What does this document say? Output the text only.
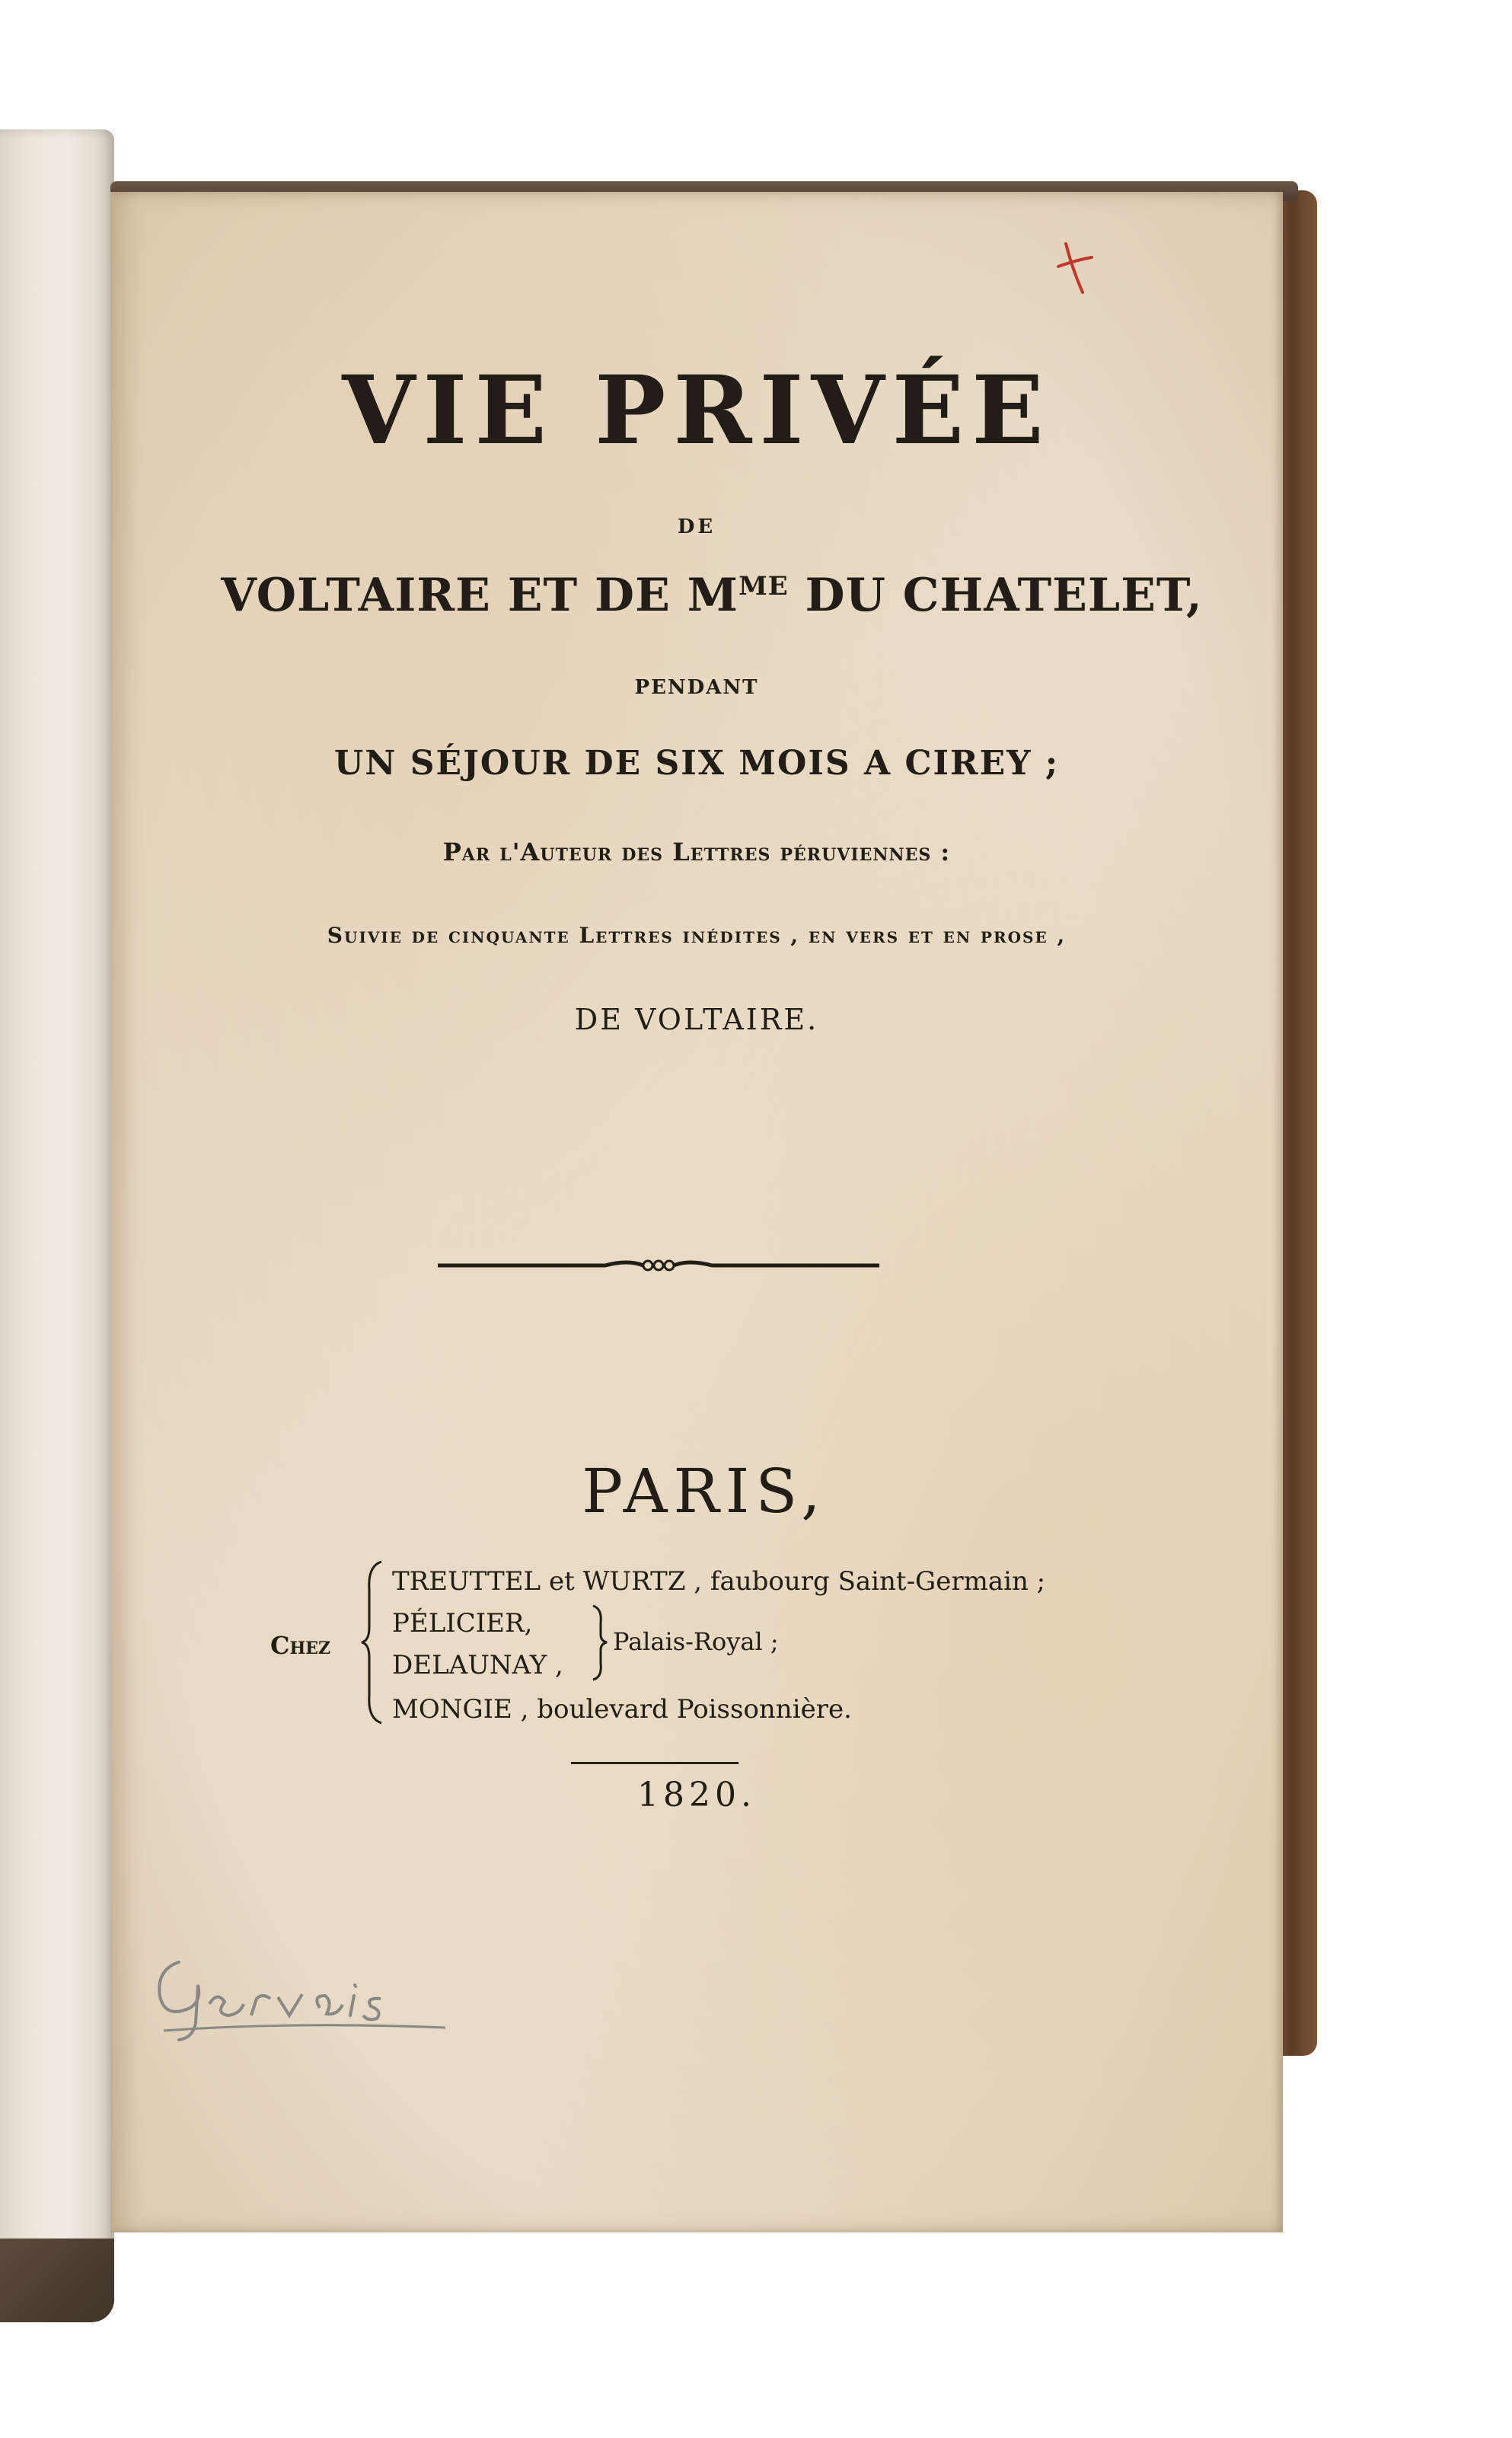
VIE PRIVÉE
DE
VOLTAIRE ET DE $M^{ME}$ DU CHATELET,
PENDANT
UN SÉJOUR DE SIX MOIS A CIREY ;
Par l'Auteur des Lettres péruviennes :
Suivie de cinquante Lettres inédites , en vers et en prose ,
DE VOLTAIRE.
PARIS,
Chez
TREUTTEL et WURTZ , faubourg Saint-Germain ;
PÉLICIER,
DELAUNAY ,
MONGIE , boulevard Poissonnière.
Palais-Royal ;
1820.
